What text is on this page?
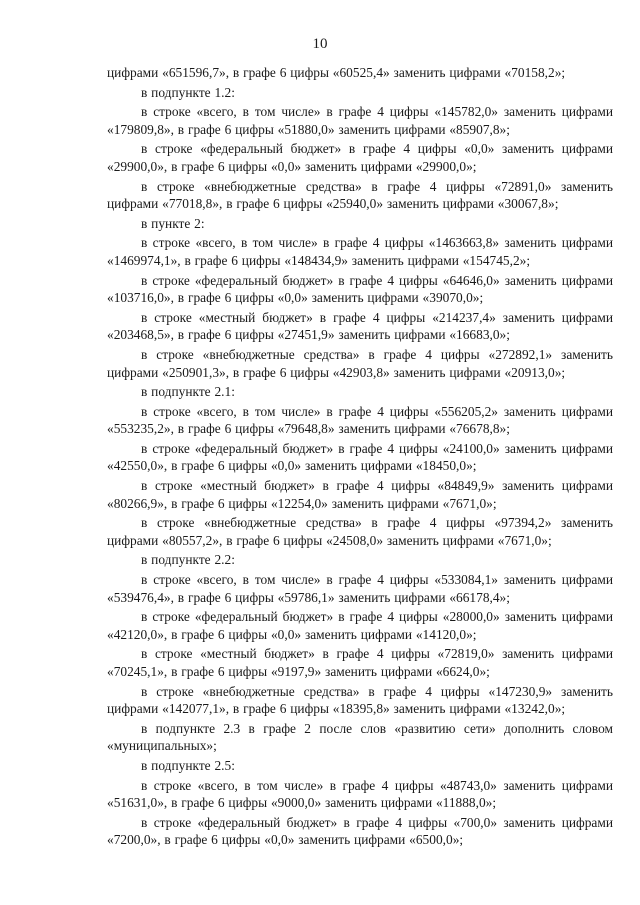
10

цифрами «651596,7», в графе 6 цифры «60525,4» заменить цифрами «70158,2»;

в подпункте 1.2:

в строке «всего, в том числе» в графе 4 цифры «145782,0» заменить цифрами «179809,8», в графе 6 цифры «51880,0» заменить цифрами «85907,8»;

в строке «федеральный бюджет» в графе 4 цифры «0,0» заменить цифрами «29900,0», в графе 6 цифры «0,0» заменить цифрами «29900,0»;

в строке «внебюджетные средства» в графе 4 цифры «72891,0» заменить цифрами «77018,8», в графе 6 цифры «25940,0» заменить цифрами «30067,8»;

в пункте 2:

в строке «всего, в том числе» в графе 4 цифры «1463663,8» заменить цифрами «1469974,1», в графе 6 цифры «148434,9» заменить цифрами «154745,2»;

в строке «федеральный бюджет» в графе 4 цифры «64646,0» заменить цифрами «103716,0», в графе 6 цифры «0,0» заменить цифрами «39070,0»;

в строке «местный бюджет» в графе 4 цифры «214237,4» заменить цифрами «203468,5», в графе 6 цифры «27451,9» заменить цифрами «16683,0»;

в строке «внебюджетные средства» в графе 4 цифры «272892,1» заменить цифрами «250901,3», в графе 6 цифры «42903,8» заменить цифрами «20913,0»;

в подпункте 2.1:

в строке «всего, в том числе» в графе 4 цифры «556205,2» заменить цифрами «553235,2», в графе 6 цифры «79648,8» заменить цифрами «76678,8»;

в строке «федеральный бюджет» в графе 4 цифры «24100,0» заменить цифрами «42550,0», в графе 6 цифры «0,0» заменить цифрами «18450,0»;

в строке «местный бюджет» в графе 4 цифры «84849,9» заменить цифрами «80266,9», в графе 6 цифры «12254,0» заменить цифрами «7671,0»;

в строке «внебюджетные средства» в графе 4 цифры «97394,2» заменить цифрами «80557,2», в графе 6 цифры «24508,0» заменить цифрами «7671,0»;

в подпункте 2.2:

в строке «всего, в том числе» в графе 4 цифры «533084,1» заменить цифрами «539476,4», в графе 6 цифры «59786,1» заменить цифрами «66178,4»;

в строке «федеральный бюджет» в графе 4 цифры «28000,0» заменить цифрами «42120,0», в графе 6 цифры «0,0» заменить цифрами «14120,0»;

в строке «местный бюджет» в графе 4 цифры «72819,0» заменить цифрами «70245,1», в графе 6 цифры «9197,9» заменить цифрами «6624,0»;

в строке «внебюджетные средства» в графе 4 цифры «147230,9» заменить цифрами «142077,1», в графе 6 цифры «18395,8» заменить цифрами «13242,0»;

в подпункте 2.3 в графе 2 после слов «развитию сети» дополнить словом «муниципальных»;

в подпункте 2.5:

в строке «всего, в том числе» в графе 4 цифры «48743,0» заменить цифрами «51631,0», в графе 6 цифры «9000,0» заменить цифрами «11888,0»;

в строке «федеральный бюджет» в графе 4 цифры «700,0» заменить цифрами «7200,0», в графе 6 цифры «0,0» заменить цифрами «6500,0»;
